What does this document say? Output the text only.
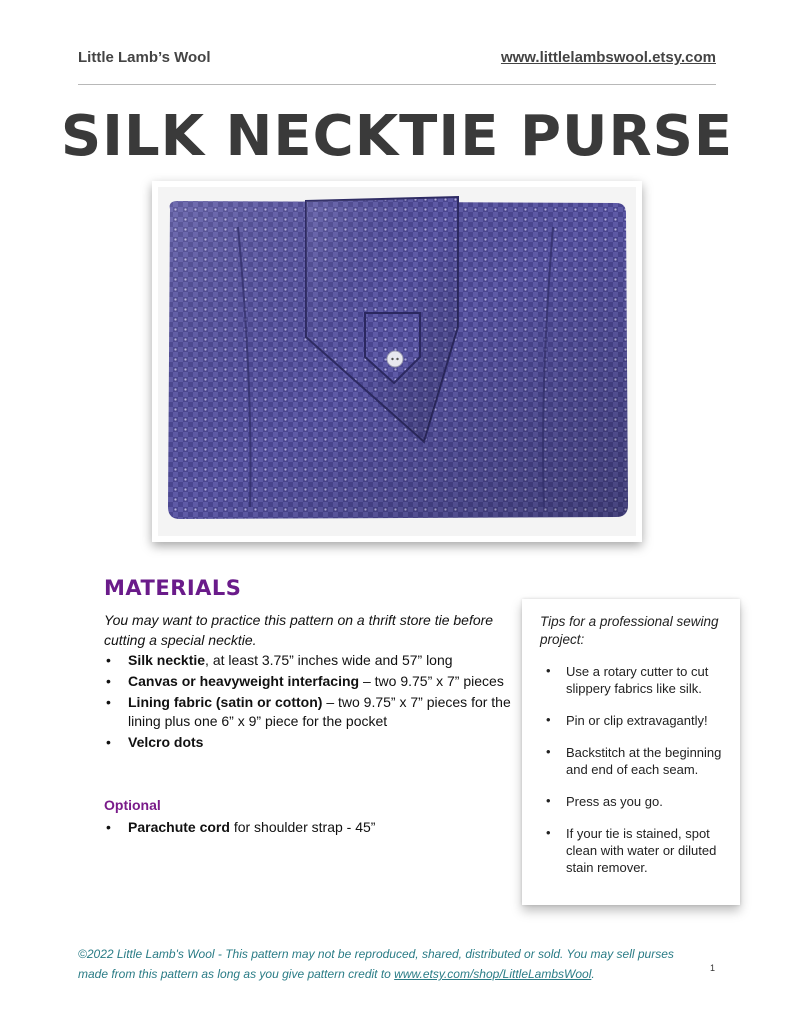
Little Lamb’s Wool	www.littlelambswool.etsy.com
SILK NECKTIE PURSE
MATERIALS

You may want to practice this pattern on a thrift store tie before cutting a special necktie.

• Silk necktie, at least 3.75” inches wide and 57” long
• Canvas or heavyweight interfacing – two 9.75” x 7” pieces
• Lining fabric (satin or cotton) – two 9.75” x 7” pieces for the lining plus one 6” x 9” piece for the pocket
• Velcro dots
Optional
• Parachute cord for shoulder strap - 45”

Tips for a professional sewing project:

• Use a rotary cutter to cut slippery fabrics like silk.
• Pin or clip extravagantly!
• Backstitch at the beginning and end of each seam.
• Press as you go.
• If your tie is stained, spot clean with water or diluted stain remover.

©2022 Little Lamb's Wool - This pattern may not be reproduced, shared, distributed or sold. You may sell purses made from this pattern as long as you give pattern credit to www.etsy.com/shop/LittleLambsWool.	1
